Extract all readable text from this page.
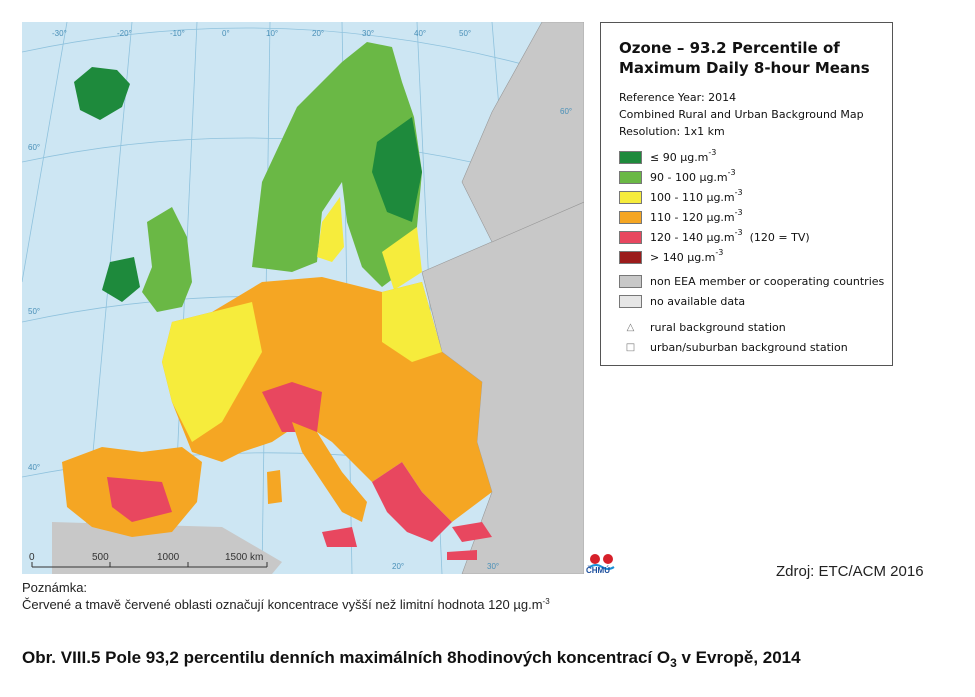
0	500	1000	1500 km
-30°	-20°	-10°	0°	10°	20°	30°	40°	50°
60°
60°
50°
40°
30°
20°
Ozone – 93.2 Percentile of
Maximum Daily 8-hour Means
Reference Year: 2014
Combined Rural and Urban Background Map
Resolution: 1x1 km
≤ 90 µg.m -3
90 - 100 µg.m -3
100 - 110 µg.m -3
110 - 120 µg.m -3
120 - 140 µg.m -3 (120 = TV)
> 140 µg.m -3
non EEA member or cooperating countries
no available data
△	rural background station
□	urban/suburban background station
ČHMÚ	Zdroj: ETC/ACM 2016
Poznámka:
Červené a tmavě červené oblasti označují koncentrace vyšší než limitní hodnota 120 $\mu g.m^{-3}$
Obr. VIII.5 Pole 93,2 percentilu denních maximálních 8hodinových koncentrací $O_3$ v Evropě, 2014
